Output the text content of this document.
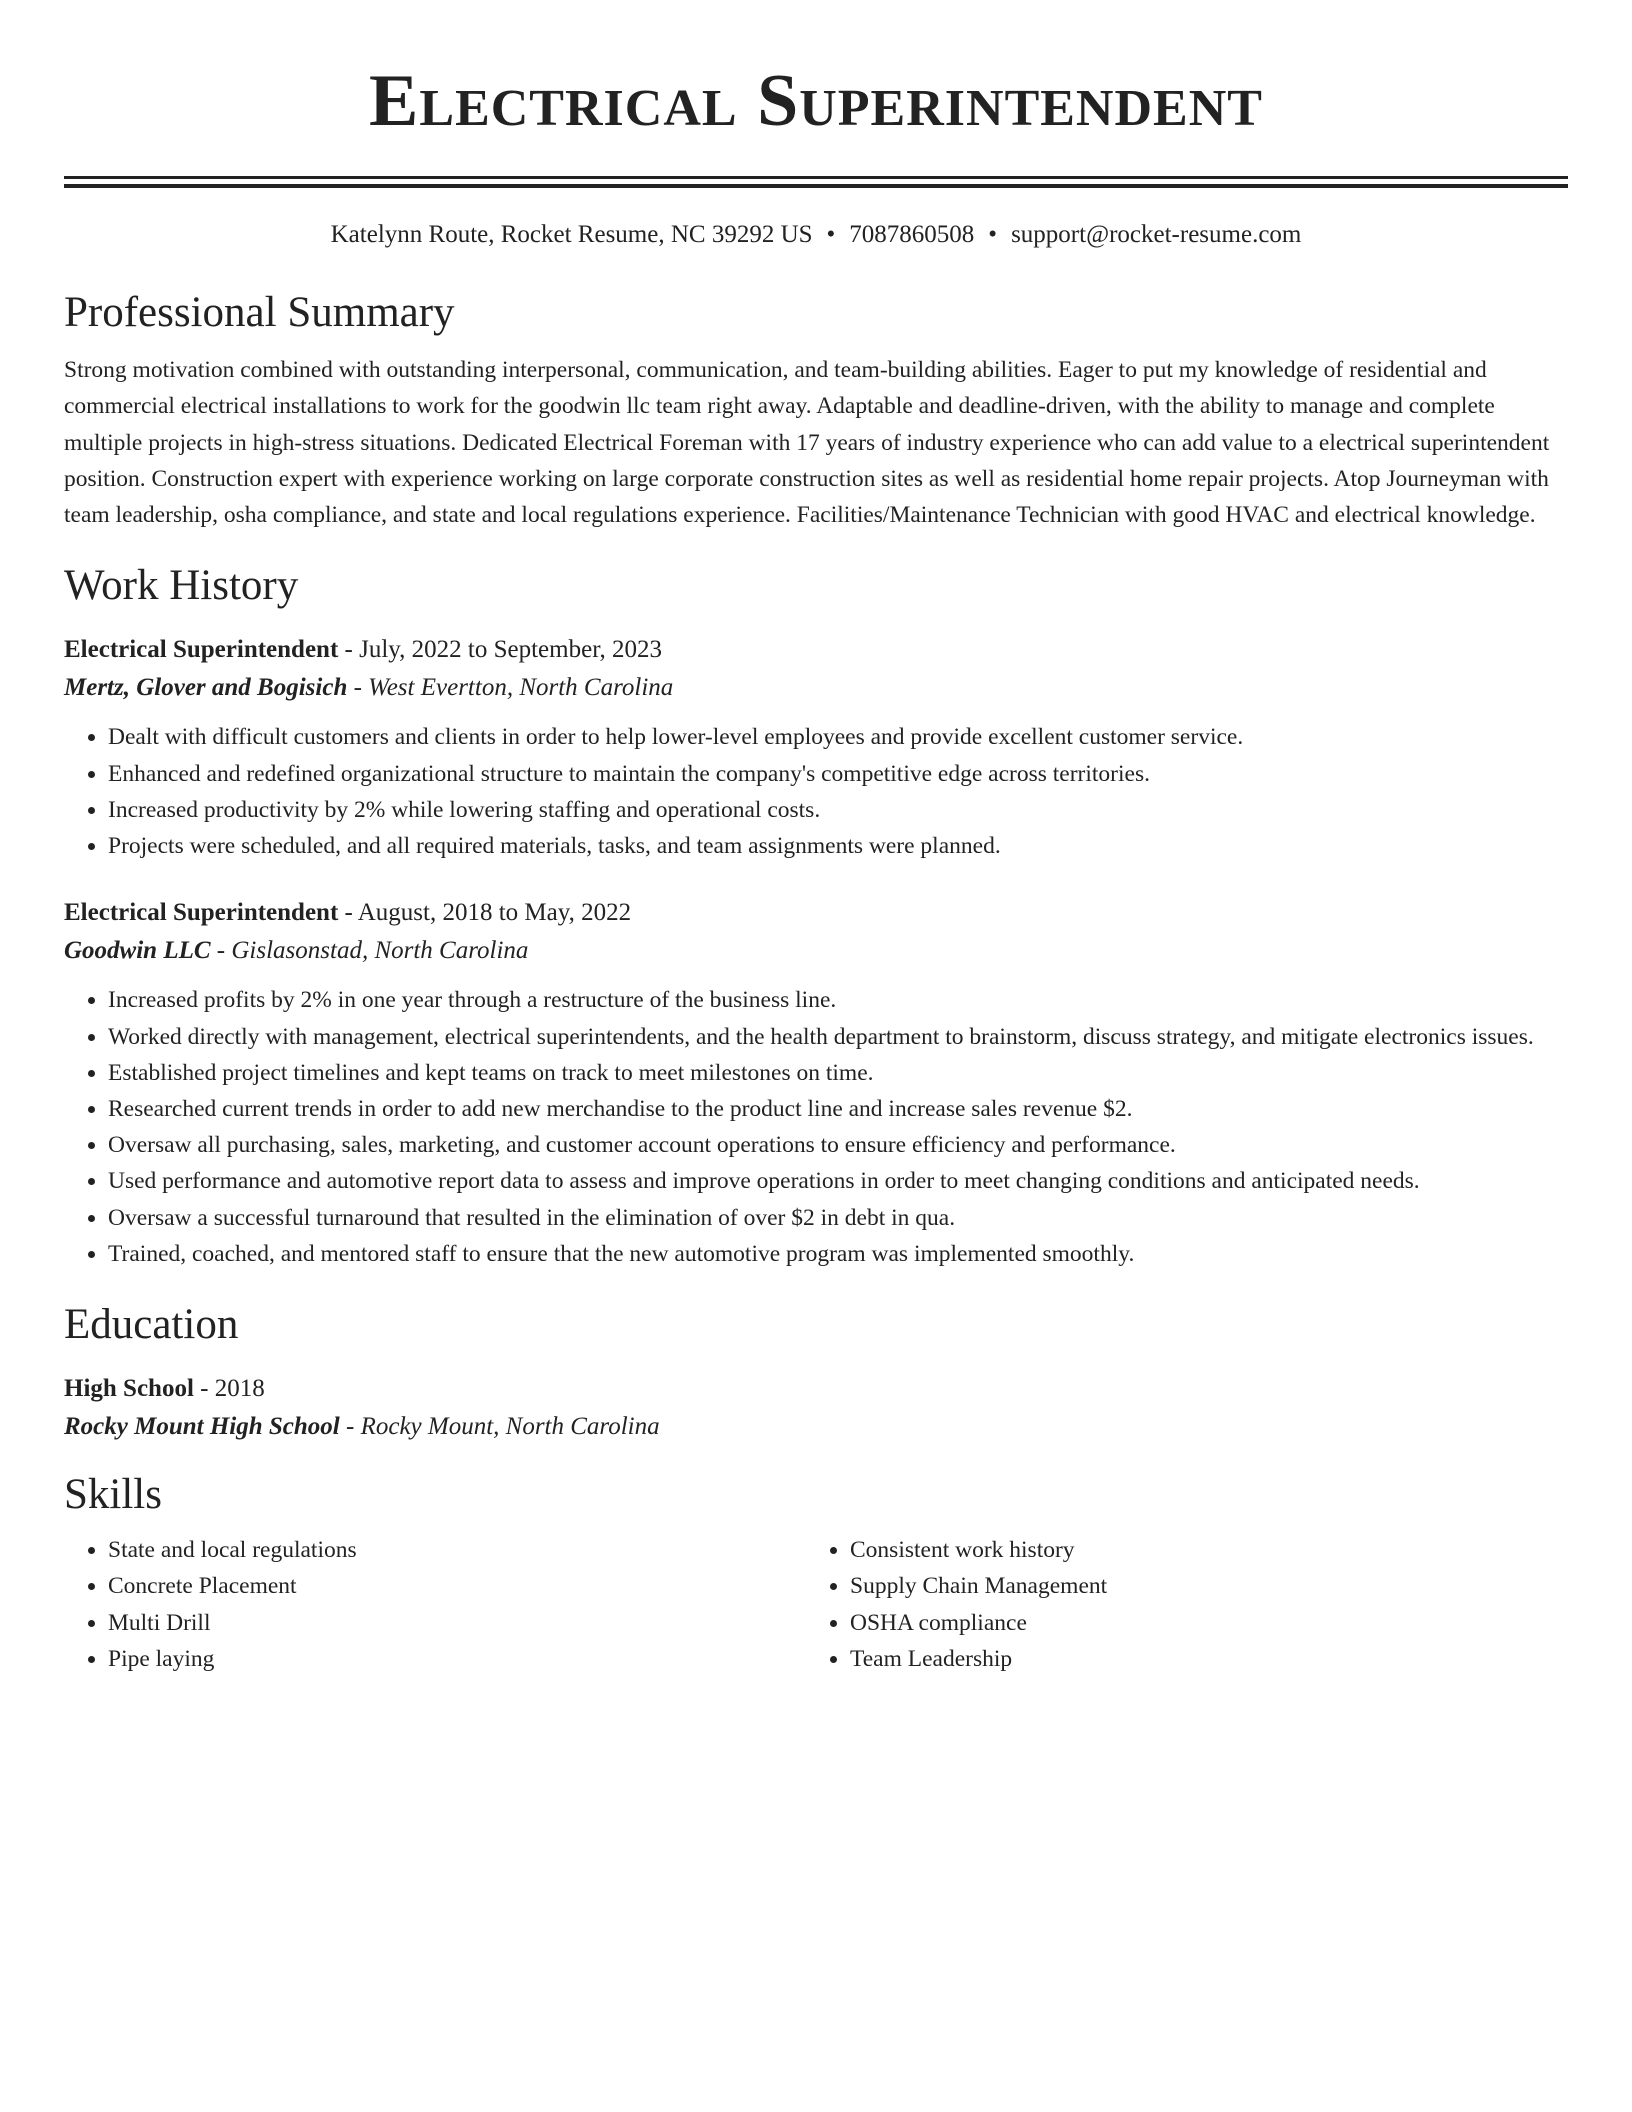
Electrical Superintendent
Katelynn Route, Rocket Resume, NC 39292 US • 7087860508 • support@rocket-resume.com
Professional Summary

Strong motivation combined with outstanding interpersonal, communication, and team-building abilities. Eager to put my knowledge of residential and commercial electrical installations to work for the goodwin llc team right away. Adaptable and deadline-driven, with the ability to manage and complete multiple projects in high-stress situations. Dedicated Electrical Foreman with 17 years of industry experience who can add value to a electrical superintendent position. Construction expert with experience working on large corporate construction sites as well as residential home repair projects. Atop Journeyman with team leadership, osha compliance, and state and local regulations experience. Facilities/Maintenance Technician with good HVAC and electrical knowledge.

Work History
Electrical Superintendent - July, 2022 to September, 2023
Mertz, Glover and Bogisich - West Evertton, North Carolina
• Dealt with difficult customers and clients in order to help lower-level employees and provide excellent customer service.
• Enhanced and redefined organizational structure to maintain the company's competitive edge across territories.
• Increased productivity by 2% while lowering staffing and operational costs.
• Projects were scheduled, and all required materials, tasks, and team assignments were planned.
Electrical Superintendent - August, 2018 to May, 2022
Goodwin LLC - Gislasonstad, North Carolina
• Increased profits by 2% in one year through a restructure of the business line.
• Worked directly with management, electrical superintendents, and the health department to brainstorm, discuss strategy, and mitigate electronics issues.
• Established project timelines and kept teams on track to meet milestones on time.
• Researched current trends in order to add new merchandise to the product line and increase sales revenue $2.
• Oversaw all purchasing, sales, marketing, and customer account operations to ensure efficiency and performance.
• Used performance and automotive report data to assess and improve operations in order to meet changing conditions and anticipated needs.
• Oversaw a successful turnaround that resulted in the elimination of over $2 in debt in qua.
• Trained, coached, and mentored staff to ensure that the new automotive program was implemented smoothly.
Education
High School - 2018
Rocky Mount High School - Rocky Mount, North Carolina
Skills
• State and local regulations
• Concrete Placement
• Multi Drill
• Pipe laying
• Consistent work history
• Supply Chain Management
• OSHA compliance
• Team Leadership
